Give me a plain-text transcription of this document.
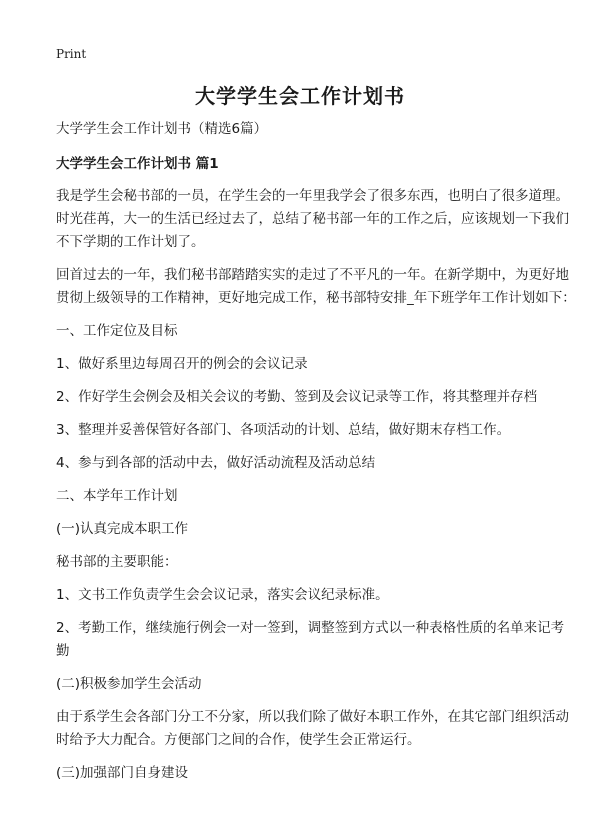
Print
大学学生会工作计划书

大学学生会工作计划书（精选6篇）

大学学生会工作计划书 篇1

我是学生会秘书部的一员，在学生会的一年里我学会了很多东西，也明白了很多道理。时光荏苒，大一的生活已经过去了，总结了秘书部一年的工作之后，应该规划一下我们不下学期的工作计划了。

回首过去的一年，我们秘书部踏踏实实的走过了不平凡的一年。在新学期中，为更好地贯彻上级领导的工作精神，更好地完成工作，秘书部特安排_年下班学年工作计划如下：

一、工作定位及目标

1、做好系里边每周召开的例会的会议记录

2、作好学生会例会及相关会议的考勤、签到及会议记录等工作，将其整理并存档

3、整理并妥善保管好各部门、各项活动的计划、总结，做好期末存档工作。

4、参与到各部的活动中去，做好活动流程及活动总结

二、本学年工作计划

(一)认真完成本职工作

秘书部的主要职能：

1、文书工作负责学生会会议记录，落实会议纪录标准。

2、考勤工作，继续施行例会一对一签到，调整签到方式以一种表格性质的名单来记考勤

(二)积极参加学生会活动

由于系学生会各部门分工不分家，所以我们除了做好本职工作外，在其它部门组织活动时给予大力配合。方便部门之间的合作，使学生会正常运行。

(三)加强部门自身建设
